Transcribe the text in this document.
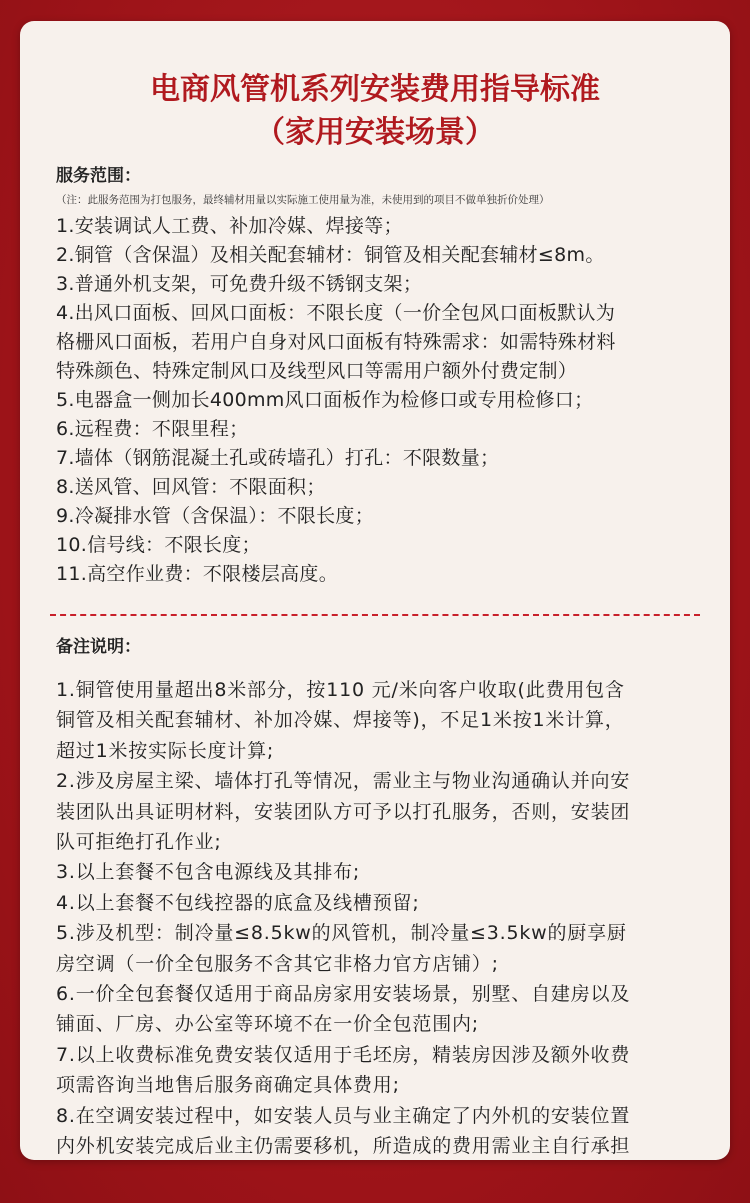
电商风管机系列安装费用指导标准
（家用安装场景）
服务范围：
（注：此服务范围为打包服务，最终辅材用量以实际施工使用量为准，未使用到的项目不做单独折价处理）
1.安装调试人工费、补加冷媒、焊接等；
2.铜管（含保温）及相关配套辅材：铜管及相关配套辅材≤8m。
3.普通外机支架，可免费升级不锈钢支架；
4.出风口面板、回风口面板：不限长度（一价全包风口面板默认为
格栅风口面板，若用户自身对风口面板有特殊需求：如需特殊材料
特殊颜色、特殊定制风口及线型风口等需用户额外付费定制）
5.电器盒一侧加长400mm风口面板作为检修口或专用检修口；
6.远程费：不限里程；
7.墙体（钢筋混凝土孔或砖墙孔）打孔：不限数量；
8.送风管、回风管：不限面积；
9.冷凝排水管（含保温）：不限长度；
10.信号线：不限长度；
11.高空作业费：不限楼层高度。
备注说明：
1.铜管使用量超出8米部分，按110 元/米向客户收取(此费用包含
铜管及相关配套辅材、补加冷媒、焊接等)，不足1米按1米计算，
超过1米按实际长度计算;
2.涉及房屋主梁、墙体打孔等情况，需业主与物业沟通确认并向安
装团队出具证明材料，安装团队方可予以打孔服务，否则，安装团
队可拒绝打孔作业;
3.以上套餐不包含电源线及其排布;
4.以上套餐不包线控器的底盒及线槽预留;
5.涉及机型：制冷量≤8.5kw的风管机，制冷量≤3.5kw的厨享厨
房空调（一价全包服务不含其它非格力官方店铺）;
6.一价全包套餐仅适用于商品房家用安装场景，别墅、自建房以及
铺面、厂房、办公室等环境不在一价全包范围内;
7.以上收费标准免费安装仅适用于毛坯房，精装房因涉及额外收费
项需咨询当地售后服务商确定具体费用;
8.在空调安装过程中，如安装人员与业主确定了内外机的安装位置
内外机安装完成后业主仍需要移机，所造成的费用需业主自行承担
